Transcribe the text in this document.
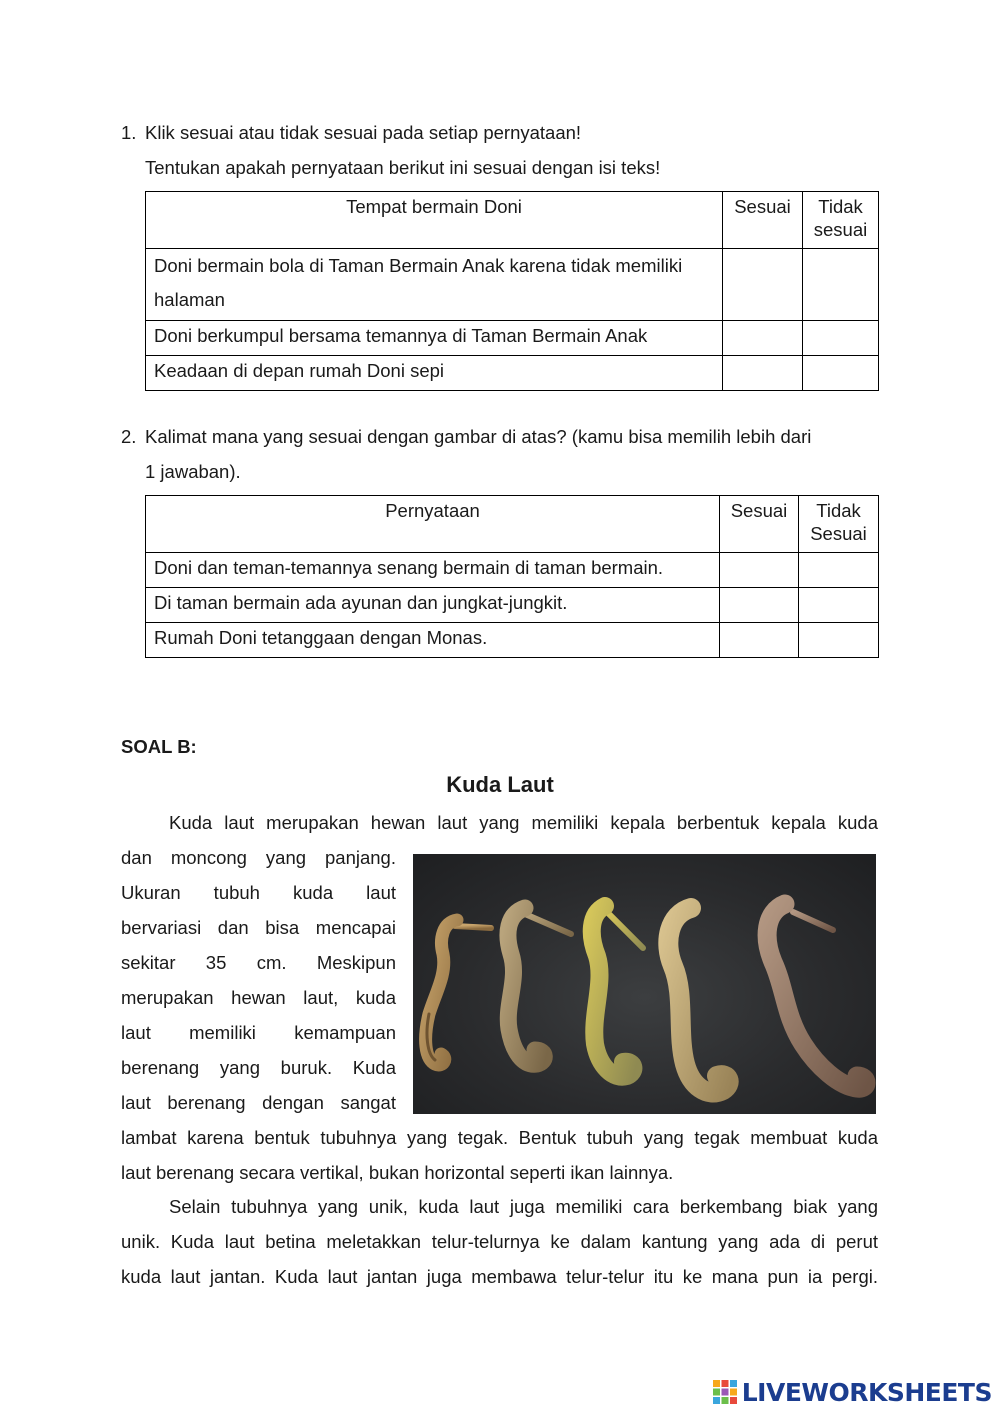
1. Klik sesuai atau tidak sesuai pada setiap pernyataan!
Tentukan apakah pernyataan berikut ini sesuai dengan isi teks!
Tempat bermain Doni	Sesuai	Tidak sesuai
Doni bermain bola di Taman Bermain Anak karena tidak memiliki halaman		
Doni berkumpul bersama temannya di Taman Bermain Anak		
Keadaan di depan rumah Doni sepi		
2. Kalimat mana yang sesuai dengan gambar di atas? (kamu bisa memilih lebih dari
1 jawaban).
Pernyataan	Sesuai	Tidak Sesuai
Doni dan teman-temannya senang bermain di taman bermain.		
Di taman bermain ada ayunan dan jungkat-jungkit.		
Rumah Doni tetanggaan dengan Monas.		
SOAL B:
Kuda Laut
Kuda laut merupakan hewan laut yang memiliki kepala berbentuk kepala kuda
dan moncong yang panjang.
Ukuran tubuh kuda laut
bervariasi dan bisa mencapai
sekitar 35 cm. Meskipun
merupakan hewan laut, kuda
laut memiliki kemampuan
berenang yang buruk. Kuda
laut berenang dengan sangat
lambat karena bentuk tubuhnya yang tegak. Bentuk tubuh yang tegak membuat kuda
laut berenang secara vertikal, bukan horizontal seperti ikan lainnya.
Selain tubuhnya yang unik, kuda laut juga memiliki cara berkembang biak yang
unik. Kuda laut betina meletakkan telur-telurnya ke dalam kantung yang ada di perut
kuda laut jantan. Kuda laut jantan juga membawa telur-telur itu ke mana pun ia pergi.
LIVEWORKSHEETS
